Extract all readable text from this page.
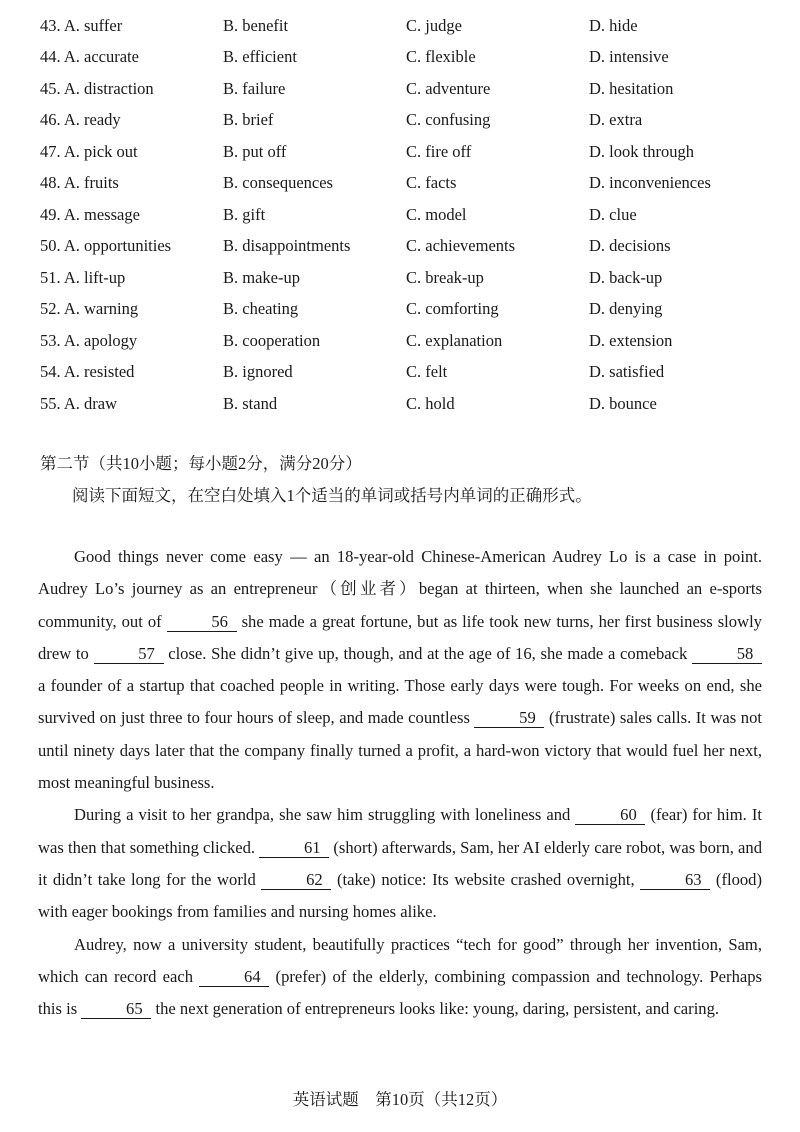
43. A. suffer	B. benefit	C. judge	D. hide
44. A. accurate	B. efficient	C. flexible	D. intensive
45. A. distraction	B. failure	C. adventure	D. hesitation
46. A. ready	B. brief	C. confusing	D. extra
47. A. pick out	B. put off	C. fire off	D. look through
48. A. fruits	B. consequences	C. facts	D. inconveniences
49. A. message	B. gift	C. model	D. clue
50. A. opportunities	B. disappointments	C. achievements	D. decisions
51. A. lift-up	B. make-up	C. break-up	D. back-up
52. A. warning	B. cheating	C. comforting	D. denying
53. A. apology	B. cooperation	C. explanation	D. extension
54. A. resisted	B. ignored	C. felt	D. satisfied
55. A. draw	B. stand	C. hold	D. bounce
第二节（共10小题；每小题2分，满分20分）
阅读下面短文，在空白处填入1个适当的单词或括号内单词的正确形式。

Good things never come easy — an 18-year-old Chinese-American Audrey Lo is a case in point. Audrey Lo’s journey as an entrepreneur（创业者）began at thirteen, when she launched an e-sports community, out of	56 she made a great fortune, but as life took new turns, her first business slowly drew to	57 close. She didn’t give up, though, and at the age of 16, she made a comeback	58 a founder of a startup that coached people in writing. Those early days were tough. For weeks on end, she survived on just three to four hours of sleep, and made countless	59 (frustrate) sales calls. It was not until ninety days later that the company finally turned a profit, a hard-won victory that would fuel her next, most meaningful business.

During a visit to her grandpa, she saw him struggling with loneliness and	60 (fear) for him. It was then that something clicked.	61 (short) afterwards, Sam, her AI elderly care robot, was born, and it didn’t take long for the world	62 (take) notice: Its website crashed overnight,	63 (flood) with eager bookings from families and nursing homes alike.

Audrey, now a university student, beautifully practices “tech for good” through her invention, Sam, which can record each	64 (prefer) of the elderly, combining compassion and technology. Perhaps this is	65 the next generation of entrepreneurs looks like: young, daring, persistent, and caring.

英语试题　第10页（共12页）
